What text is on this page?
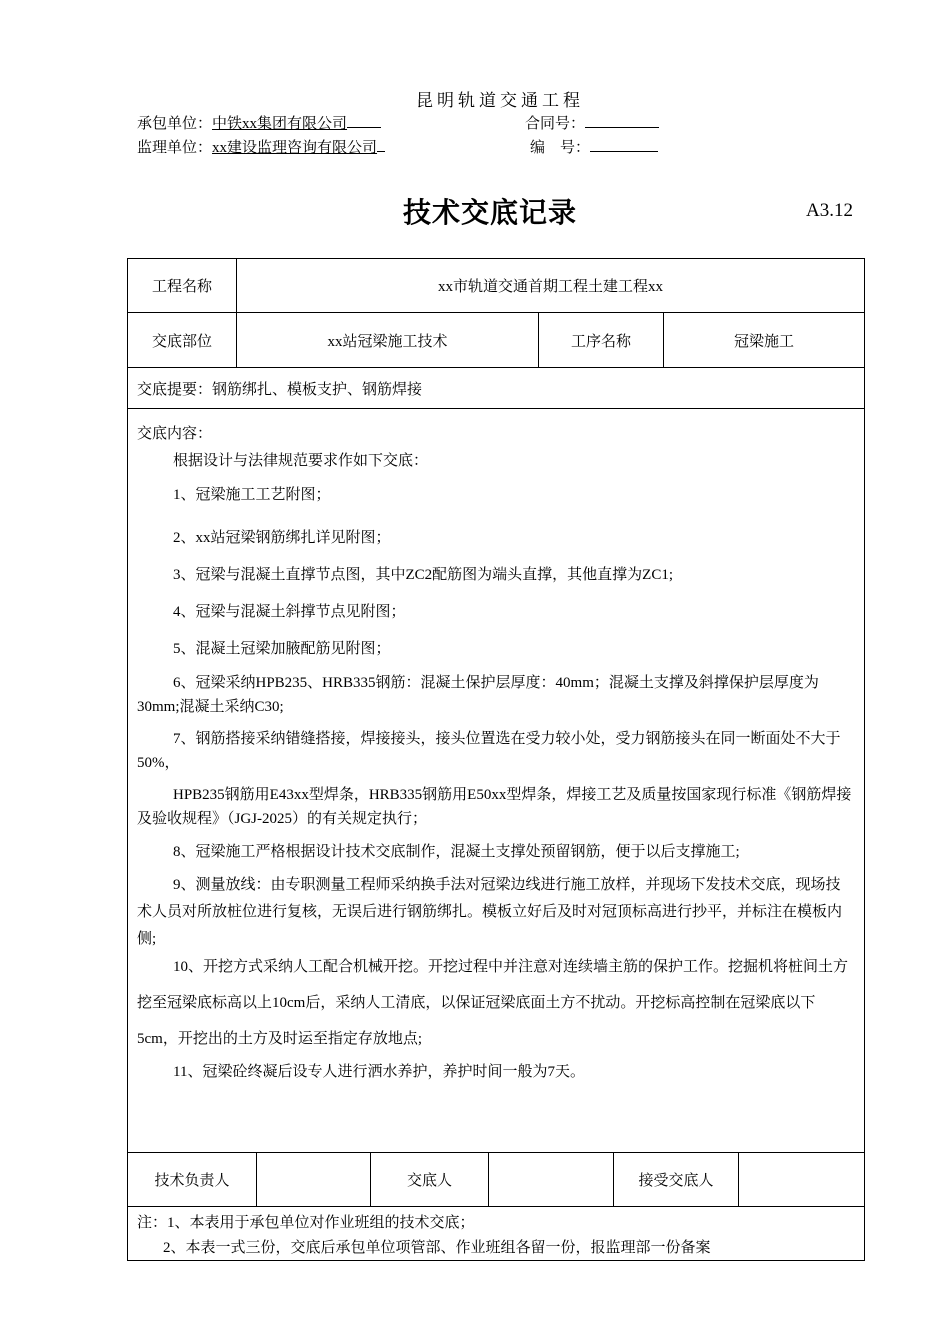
昆明轨道交通工程
承包单位：中铁xx集团有限公司	合同号：
监理单位：xx建设监理咨询有限公司	编　号：
技术交底记录	A3.12
工程名称	xx市轨道交通首期工程土建工程xx
交底部位	xx站冠梁施工技术	工序名称	冠梁施工
交底提要：钢筋绑扎、模板支护、钢筋焊接

交底内容：

根据设计与法律规范要求作如下交底：

1、冠梁施工工艺附图；

2、xx站冠梁钢筋绑扎详见附图；

3、冠梁与混凝土直撑节点图，其中ZC2配筋图为端头直撑，其他直撑为ZC1;

4、冠梁与混凝土斜撑节点见附图；

5、混凝土冠梁加腋配筋见附图；

6、冠梁采纳HPB235、HRB335钢筋：混凝土保护层厚度：40mm；混凝土支撑及斜撑保护层厚度为30mm;混凝土采纳C30;

7、钢筋搭接采纳错缝搭接，焊接接头，接头位置选在受力较小处，受力钢筋接头在同一断面处不大于50%，

HPB235钢筋用E43xx型焊条，HRB335钢筋用E50xx型焊条，焊接工艺及质量按国家现行标准《钢筋焊接及验收规程》（JGJ-2025）的有关规定执行；

8、冠梁施工严格根据设计技术交底制作，混凝土支撑处预留钢筋，便于以后支撑施工;

9、测量放线：由专职测量工程师采纳换手法对冠梁边线进行施工放样，并现场下发技术交底，现场技术人员对所放桩位进行复核，无误后进行钢筋绑扎。模板立好后及时对冠顶标高进行抄平，并标注在模板内侧;

10、开挖方式采纳人工配合机械开挖。开挖过程中并注意对连续墙主筋的保护工作。挖掘机将桩间土方挖至冠梁底标高以上10cm后，采纳人工清底，以保证冠梁底面土方不扰动。开挖标高控制在冠梁底以下5cm，开挖出的土方及时运至指定存放地点;

11、冠梁砼终凝后设专人进行洒水养护，养护时间一般为7天。

技术负责人	交底人	接受交底人
注：1、本表用于承包单位对作业班组的技术交底；
2、本表一式三份，交底后承包单位项管部、作业班组各留一份，报监理部一份备案
